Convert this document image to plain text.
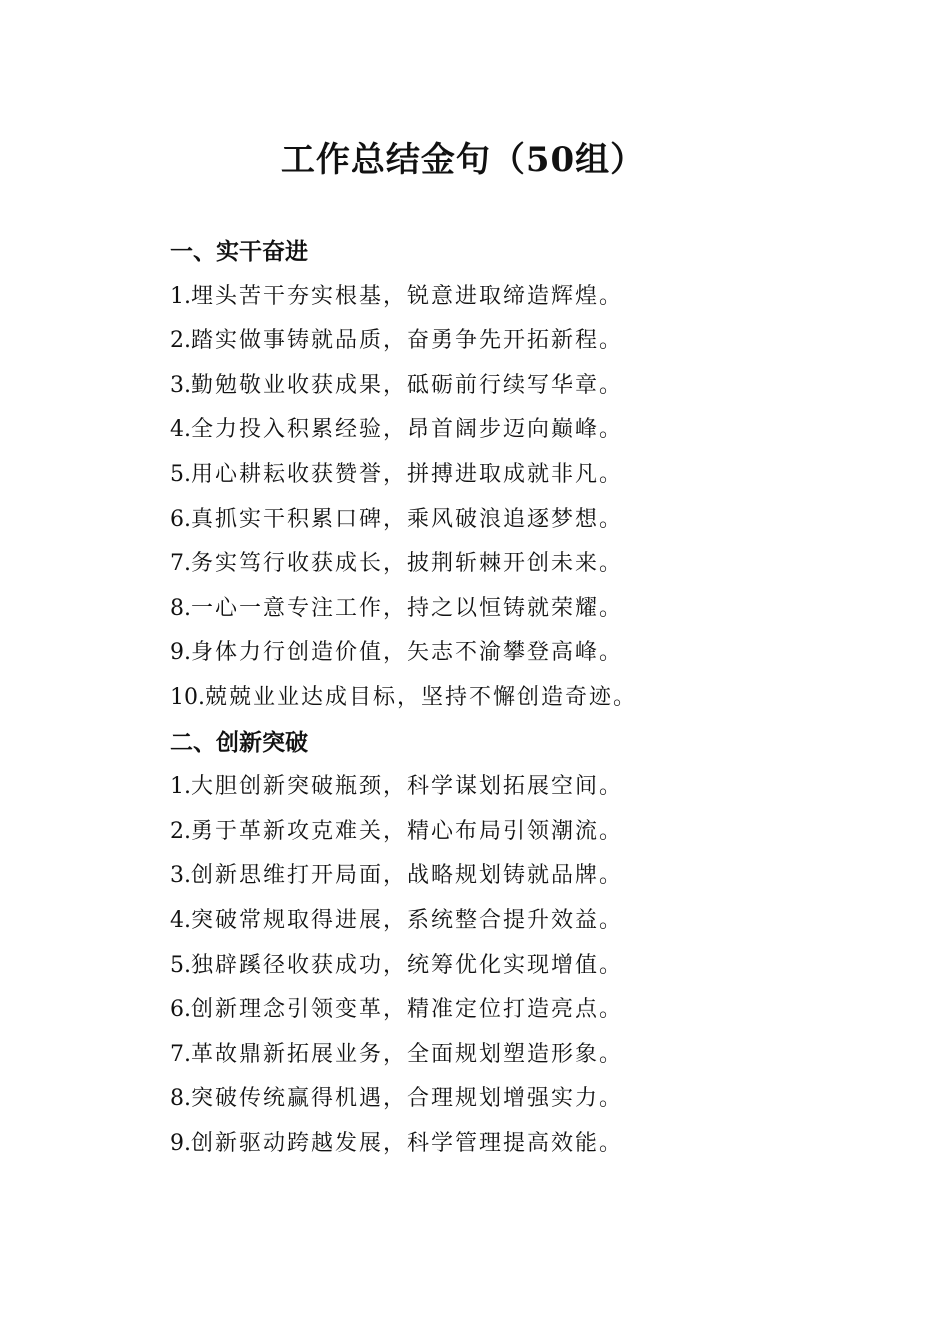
工作总结金句（50组）
一、实干奋进
1.埋头苦干夯实根基，锐意进取缔造辉煌。
2.踏实做事铸就品质，奋勇争先开拓新程。
3.勤勉敬业收获成果，砥砺前行续写华章。
4.全力投入积累经验，昂首阔步迈向巅峰。
5.用心耕耘收获赞誉，拼搏进取成就非凡。
6.真抓实干积累口碑，乘风破浪追逐梦想。
7.务实笃行收获成长，披荆斩棘开创未来。
8.一心一意专注工作，持之以恒铸就荣耀。
9.身体力行创造价值，矢志不渝攀登高峰。
10.兢兢业业达成目标，坚持不懈创造奇迹。
二、创新突破
1.大胆创新突破瓶颈，科学谋划拓展空间。
2.勇于革新攻克难关，精心布局引领潮流。
3.创新思维打开局面，战略规划铸就品牌。
4.突破常规取得进展，系统整合提升效益。
5.独辟蹊径收获成功，统筹优化实现增值。
6.创新理念引领变革，精准定位打造亮点。
7.革故鼎新拓展业务，全面规划塑造形象。
8.突破传统赢得机遇，合理规划增强实力。
9.创新驱动跨越发展，科学管理提高效能。
